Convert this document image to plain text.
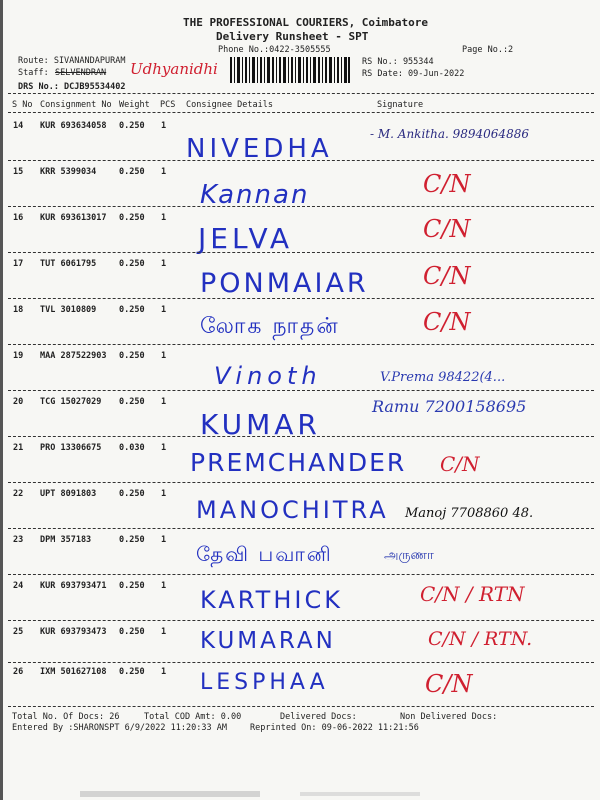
THE PROFESSIONAL COURIERS, Coimbatore
Delivery Runsheet - SPT
Phone No.:0422-3505555	Page No.:2
Route: SIVANANDAPURAM
Staff: SELVENDRAN Udhyanidhi
DRS No.: DCJB95534402
RS No.: 955344
RS Date: 09-Jun-2022
S No Consignment No Weight PCS Consignee Details	Signature
14 KUR 693634058 0.250 1
NIVEDHA	- M. Ankitha. 9894064886
15 KRR 5399034	0.250 1
Kannan	C/N
16 KUR 693613017 0.250 1
JELVA	C/N
17 TUT 6061795	0.250 1
PONMAIAR C/N
18 TVL 3010809	0.250 1
லோக நாதன்	C/N
19 MAA 287522903 0.250 1
Vinoth	V.Prema 98422(4...
20 TCG 15027029 0.250 1
KUMAR
Ramu 7200158695
21 PRO 13306675 0.030 1 PREMCHANDER C/N
22 UPT 8091803	0.250 1
MANOCHITRA Manoj 7708860 48.
23 DPM 357183	0.250 1
தேவி பவானி	அருணா
24 KUR 693793471 0.250 1 KARTHICK	C/N / RTN
25 KUR 693793473 0.250 1 KUMARAN	C/N / RTN.
26 IXM 501627108 0.250 1 LESPHAA	C/N
Total No. Of Docs: 26	Total COD Amt: 0.00	Delivered Docs:	Non Delivered Docs:
Entered By :SHARONSPT 6/9/2022 11:20:33 AM	Reprinted On: 09-06-2022 11:21:56
